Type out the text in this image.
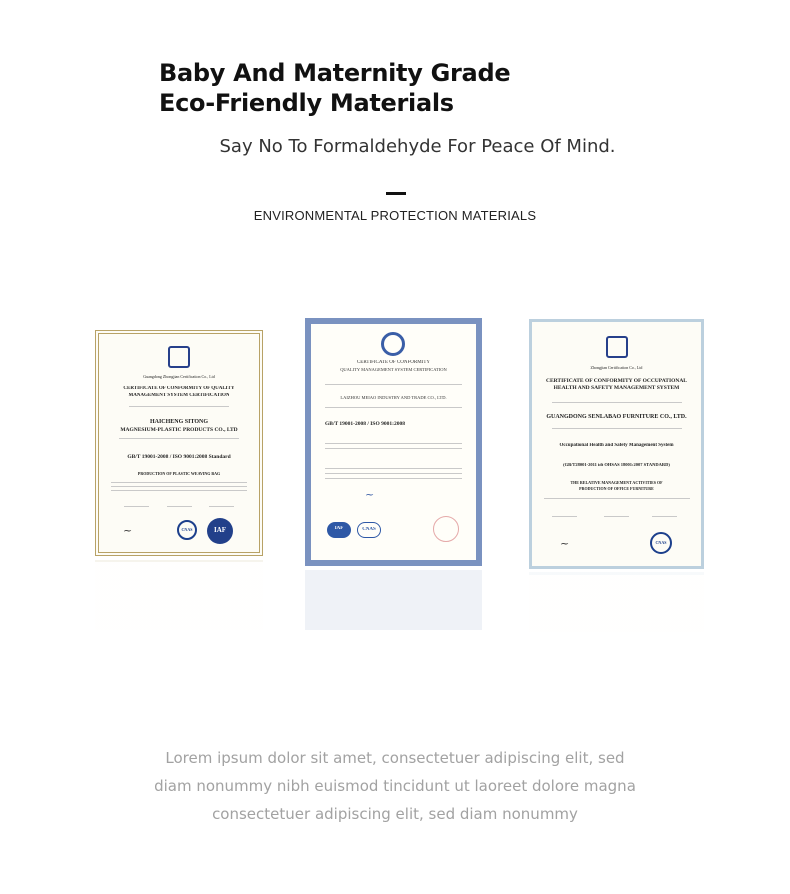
Baby And Maternity Grade
Eco-Friendly Materials
Say No To Formaldehyde For Peace Of Mind.
ENVIRONMENTAL PROTECTION MATERIALS
Guangdong Zhongjian Certification Co., Ltd
CERTIFICATE OF CONFORMITY OF QUALITY
MANAGEMENT SYSTEM CERTIFICATION
HAICHENG SITONG
MAGNESIUM-PLASTIC PRODUCTS CO., LTD
GB/T 19001-2008 / ISO 9001:2008 Standard
PRODUCTION OF PLASTIC WEAVING BAG
~	CNAS	IAF
CERTIFICATE OF CONFORMITY
QUALITY MANAGEMENT SYSTEM CERTIFICATION
LAIZHOU MEIAO INDUSTRY AND TRADE CO., LTD.
GB/T 19001-2008 / ISO 9001:2008
~
IAF	CNAS
Zhongjian Certification Co., Ltd
CERTIFICATE OF CONFORMITY OF OCCUPATIONAL
HEALTH AND SAFETY MANAGEMENT SYSTEM
GUANGDONG SENLABAO FURNITURE CO., LTD.
Occupational Health and Safety Management System
(GB/T28001-2011 idt OHSAS 18001:2007 STANDARD)
THE RELATIVE MANAGEMENT ACTIVITIES OF
PRODUCTION OF OFFICE FURNITURE
~	CNAS
Lorem ipsum dolor sit amet, consectetuer adipiscing elit, sed
diam nonummy nibh euismod tincidunt ut laoreet dolore magna
consectetuer adipiscing elit, sed diam nonummy
